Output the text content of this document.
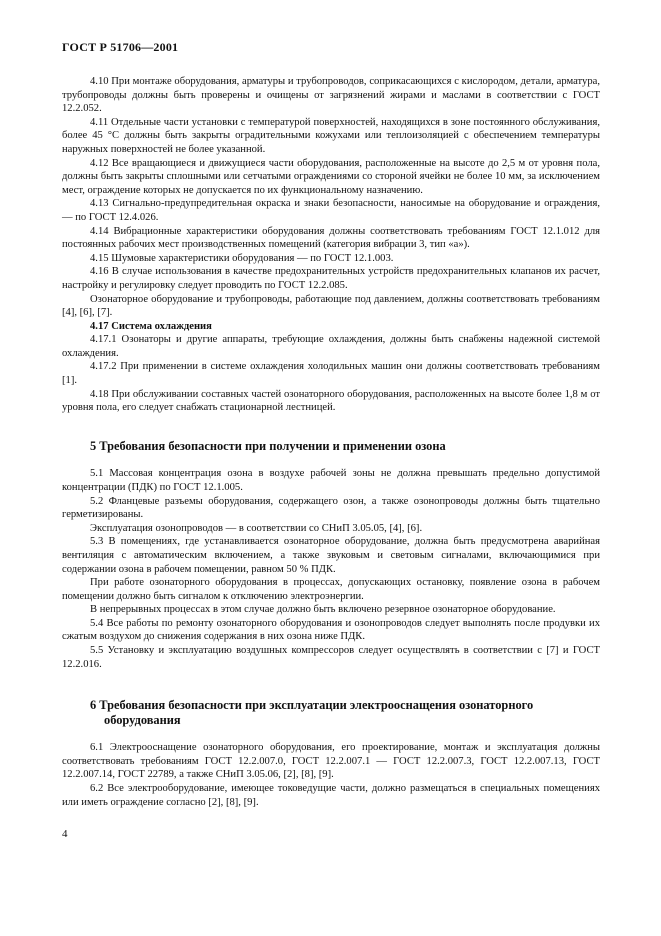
ГОСТ Р 51706—2001

4.10 При монтаже оборудования, арматуры и трубопроводов, соприкасающихся с кислородом, детали, арматура, трубопроводы должны быть проверены и очищены от загрязнений жирами и маслами в соответствии с ГОСТ 12.2.052.

4.11 Отдельные части установки с температурой поверхностей, находящихся в зоне постоянного обслуживания, более 45 °С должны быть закрыты оградительными кожухами или теплоизоляцией с обеспечением температуры наружных поверхностей не более указанной.

4.12 Все вращающиеся и движущиеся части оборудования, расположенные на высоте до 2,5 м от уровня пола, должны быть закрыты сплошными или сетчатыми ограждениями со стороной ячейки не более 10 мм, за исключением мест, ограждение которых не допускается по их функциональному назначению.

4.13 Сигнально-предупредительная окраска и знаки безопасности, наносимые на оборудование и ограждения, — по ГОСТ 12.4.026.

4.14 Вибрационные характеристики оборудования должны соответствовать требованиям ГОСТ 12.1.012 для постоянных рабочих мест производственных помещений (категория вибрации 3, тип «а»).

4.15 Шумовые характеристики оборудования — по ГОСТ 12.1.003.

4.16 В случае использования в качестве предохранительных устройств предохранительных клапанов их расчет, настройку и регулировку следует проводить по ГОСТ 12.2.085.

Озонаторное оборудование и трубопроводы, работающие под давлением, должны соответствовать требованиям [4], [6], [7].

4.17 Система охлаждения

4.17.1 Озонаторы и другие аппараты, требующие охлаждения, должны быть снабжены надежной системой охлаждения.

4.17.2 При применении в системе охлаждения холодильных машин они должны соответствовать требованиям [1].

4.18 При обслуживании составных частей озонаторного оборудования, расположенных на высоте более 1,8 м от уровня пола, его следует снабжать стационарной лестницей.

5 Требования безопасности при получении и применении озона

5.1 Массовая концентрация озона в воздухе рабочей зоны не должна превышать предельно допустимой концентрации (ПДК) по ГОСТ 12.1.005.

5.2 Фланцевые разъемы оборудования, содержащего озон, а также озонопроводы должны быть тщательно герметизированы.

Эксплуатация озонопроводов — в соответствии со СНиП 3.05.05, [4], [6].

5.3 В помещениях, где устанавливается озонаторное оборудование, должна быть предусмотрена аварийная вентиляция с автоматическим включением, а также звуковым и световым сигналами, включающимися при содержании озона в рабочем помещении, равном 50 % ПДК.

При работе озонаторного оборудования в процессах, допускающих остановку, появление озона в рабочем помещении должно быть сигналом к отключению электроэнергии.

В непрерывных процессах в этом случае должно быть включено резервное озонаторное оборудование.

5.4 Все работы по ремонту озонаторного оборудования и озонопроводов следует выполнять после продувки их сжатым воздухом до снижения содержания в них озона ниже ПДК.

5.5 Установку и эксплуатацию воздушных компрессоров следует осуществлять в соответствии с [7] и ГОСТ 12.2.016.

6 Требования безопасности при эксплуатации электрооснащения озонаторного
оборудования

6.1 Электрооснащение озонаторного оборудования, его проектирование, монтаж и эксплуатация должны соответствовать требованиям ГОСТ 12.2.007.0, ГОСТ 12.2.007.1 — ГОСТ 12.2.007.3, ГОСТ 12.2.007.13, ГОСТ 12.2.007.14, ГОСТ 22789, а также СНиП 3.05.06, [2], [8], [9].

6.2 Все электрооборудование, имеющее токоведущие части, должно размещаться в специальных помещениях или иметь ограждение согласно [2], [8], [9].

4
